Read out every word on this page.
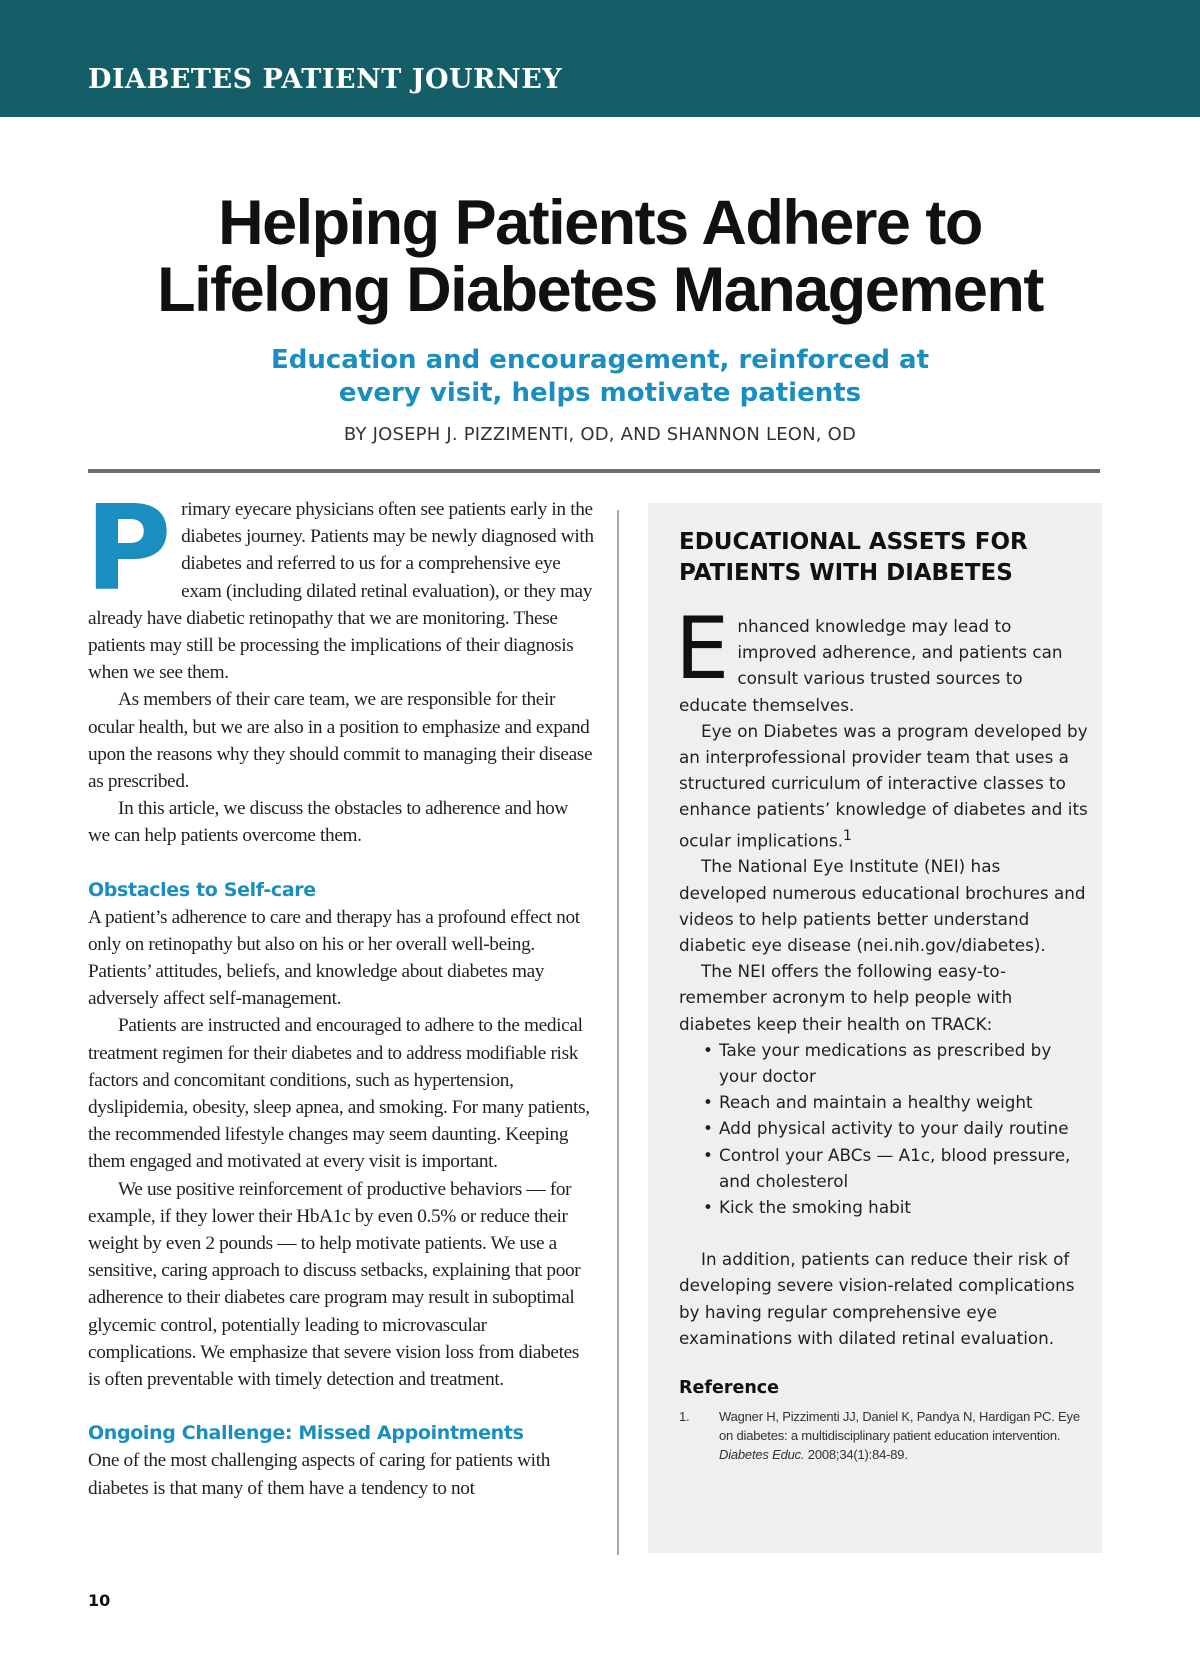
DIABETES PATIENT JOURNEY
Helping Patients Adhere to
Lifelong Diabetes Management
Education and encouragement, reinforced at
every visit, helps motivate patients
BY JOSEPH J. PIZZIMENTI, OD, AND SHANNON LEON, OD
P rimary eyecare physicians often see patients early in the diabetes journey. Patients may be newly diagnosed with diabetes and referred to us for a comprehensive eye exam (including dilated retinal evaluation), or they may already have diabetic retinopathy that we are monitoring. These patients may still be processing the implications of their diagnosis when we see them.

As members of their care team, we are responsible for their ocular health, but we are also in a position to emphasize and expand upon the reasons why they should commit to managing their disease as prescribed.

In this article, we discuss the obstacles to adherence and how we can help patients overcome them.

Obstacles to Self-care

A patient’s adherence to care and therapy has a profound effect not only on retinopathy but also on his or her overall well-being. Patients’ attitudes, beliefs, and knowledge about diabetes may adversely affect self-management.

Patients are instructed and encouraged to adhere to the medical treatment regimen for their diabetes and to address modifiable risk factors and concomitant conditions, such as hypertension, dyslipidemia, obesity, sleep apnea, and smoking. For many patients, the recommended lifestyle changes may seem daunting. Keeping them engaged and motivated at every visit is important.

We use positive reinforcement of productive behaviors — for example, if they lower their HbA1c by even 0.5% or reduce their weight by even 2 pounds — to help motivate patients. We use a sensitive, caring approach to discuss setbacks, explaining that poor adherence to their diabetes care program may result in suboptimal glycemic control, potentially leading to microvascular complications. We emphasize that severe vision loss from diabetes is often preventable with timely detection and treatment.

Ongoing Challenge: Missed Appointments

One of the most challenging aspects of caring for patients with diabetes is that many of them have a tendency to not

EDUCATIONAL ASSETS FOR PATIENTS WITH DIABETES
E nhanced knowledge may lead to improved adherence, and patients can consult various trusted sources to educate themselves.

Eye on Diabetes was a program developed by an interprofessional provider team that uses a structured curriculum of interactive classes to enhance patients’ knowledge of diabetes and its ocular implications.$^1$

The National Eye Institute (NEI) has developed numerous educational brochures and videos to help patients better understand diabetic eye disease (nei.nih.gov/diabetes).

The NEI offers the following easy-to-remember acronym to help people with diabetes keep their health on TRACK:

• Take your medications as prescribed by your doctor
• Reach and maintain a healthy weight
• Add physical activity to your daily routine
• Control your ABCs — A1c, blood pressure, and cholesterol
• Kick the smoking habit

In addition, patients can reduce their risk of developing severe vision-related complications by having regular comprehensive eye examinations with dilated retinal evaluation.

Reference
1.	Wagner H, Pizzimenti JJ, Daniel K, Pandya N, Hardigan PC. Eye on diabetes: a multidisciplinary patient education intervention. Diabetes Educ. 2008;34(1):84-89.
10
